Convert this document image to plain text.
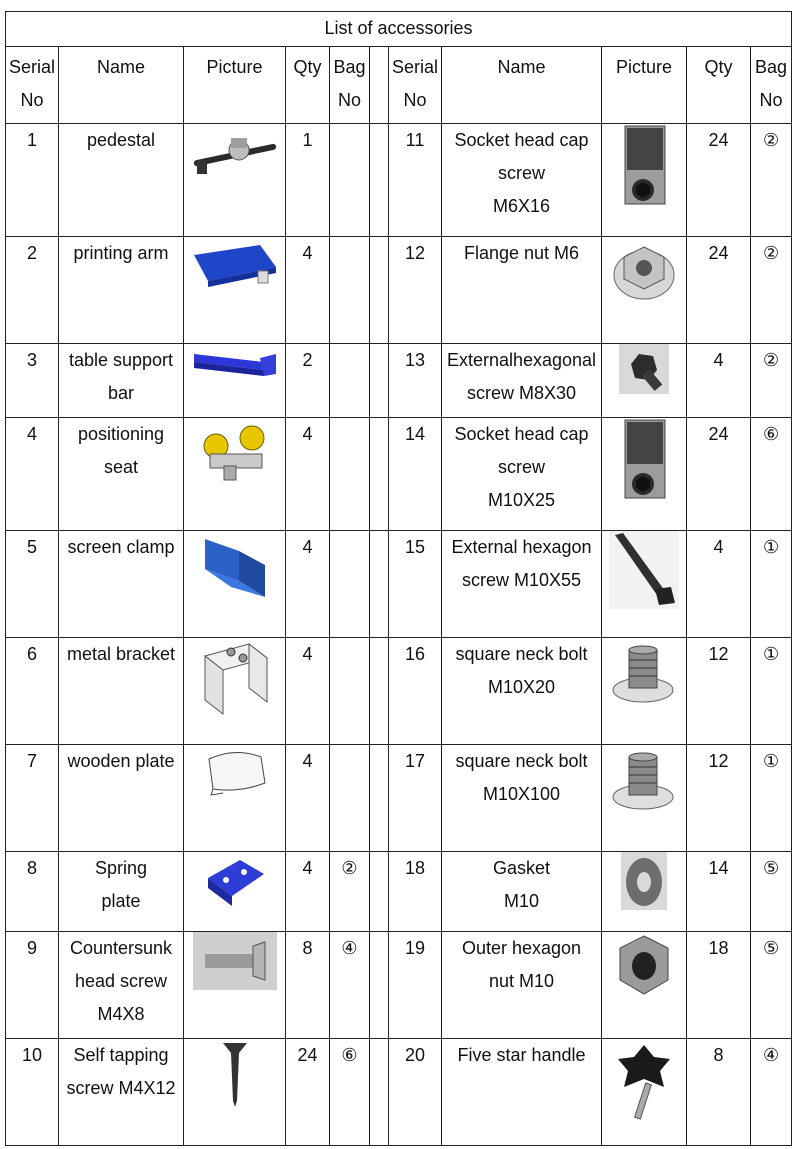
List of accessories										
Serial
No	Name	Picture	Qty	Bag
No		Serial
No	Name	Picture	Qty	Bag
No
1	pedestal		1			11	Socket head cap
screw
M6X16		24	②
2	printing arm		4			12	Flange nut M6		24	②
3	table support
bar		2			13	Externalhexagonal
screw M8X30		4	②
4	positioning
seat		4			14	Socket head cap
screw
M10X25		24	⑥
5	screen clamp		4			15	External hexagon
screw M10X55		4	①
6	metal bracket		4			16	square neck bolt
M10X20		12	①
7	wooden plate		4			17	square neck bolt
M10X100		12	①
8	Spring
plate		4	②		18	Gasket
M10		14	⑤
9	Countersunk
head screw
M4X8		8	④		19	Outer hexagon
nut M10		18	⑤
10	Self tapping
screw M4X12		24	⑥		20	Five star handle		8	④
